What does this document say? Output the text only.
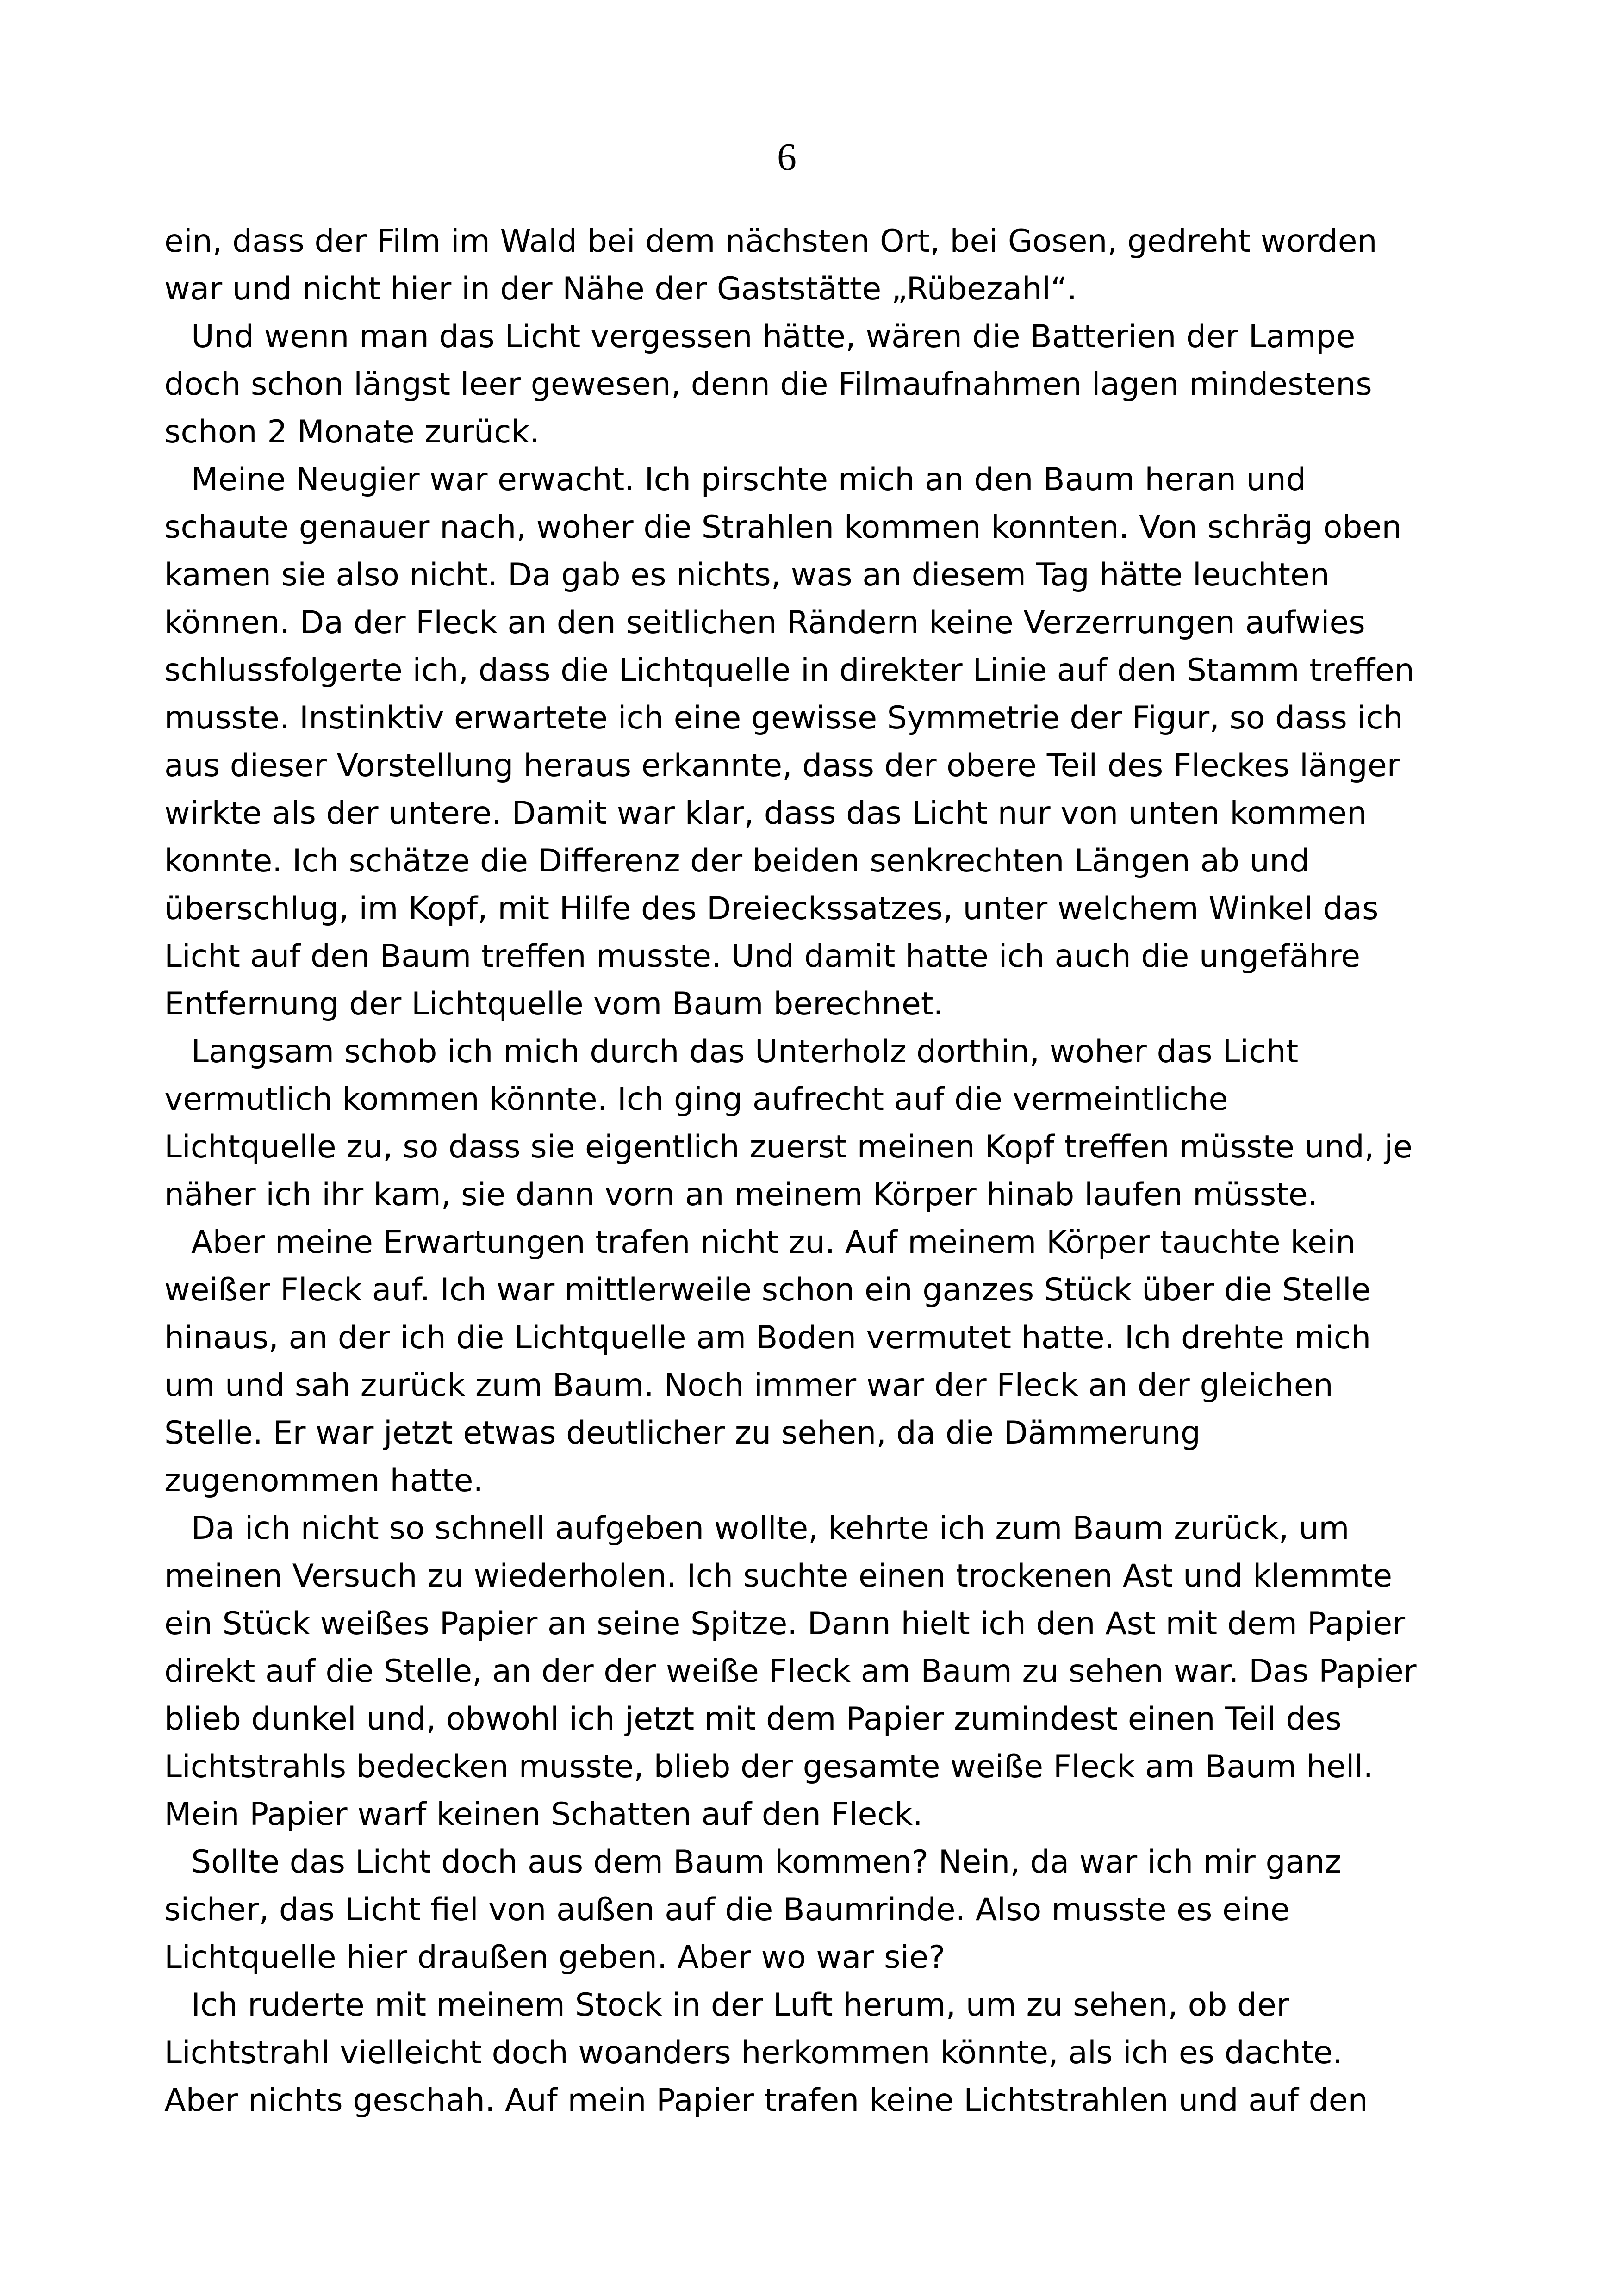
6
ein, dass der Film im Wald bei dem nächsten Ort, bei Gosen, gedreht worden
war und nicht hier in der Nähe der Gaststätte „Rübezahl“.
Und wenn man das Licht vergessen hätte, wären die Batterien der Lampe
doch schon längst leer gewesen, denn die Filmaufnahmen lagen mindestens
schon 2 Monate zurück.
Meine Neugier war erwacht. Ich pirschte mich an den Baum heran und
schaute genauer nach, woher die Strahlen kommen konnten. Von schräg oben
kamen sie also nicht. Da gab es nichts, was an diesem Tag hätte leuchten
können. Da der Fleck an den seitlichen Rändern keine Verzerrungen aufwies
schlussfolgerte ich, dass die Lichtquelle in direkter Linie auf den Stamm treffen
musste. Instinktiv erwartete ich eine gewisse Symmetrie der Figur, so dass ich
aus dieser Vorstellung heraus erkannte, dass der obere Teil des Fleckes länger
wirkte als der untere. Damit war klar, dass das Licht nur von unten kommen
konnte. Ich schätze die Differenz der beiden senkrechten Längen ab und
überschlug, im Kopf, mit Hilfe des Dreieckssatzes, unter welchem Winkel das
Licht auf den Baum treffen musste. Und damit hatte ich auch die ungefähre
Entfernung der Lichtquelle vom Baum berechnet.
Langsam schob ich mich durch das Unterholz dorthin, woher das Licht
vermutlich kommen könnte. Ich ging aufrecht auf die vermeintliche
Lichtquelle zu, so dass sie eigentlich zuerst meinen Kopf treffen müsste und, je
näher ich ihr kam, sie dann vorn an meinem Körper hinab laufen müsste.
Aber meine Erwartungen trafen nicht zu. Auf meinem Körper tauchte kein
weißer Fleck auf. Ich war mittlerweile schon ein ganzes Stück über die Stelle
hinaus, an der ich die Lichtquelle am Boden vermutet hatte. Ich drehte mich
um und sah zurück zum Baum. Noch immer war der Fleck an der gleichen
Stelle. Er war jetzt etwas deutlicher zu sehen, da die Dämmerung
zugenommen hatte.
Da ich nicht so schnell aufgeben wollte, kehrte ich zum Baum zurück, um
meinen Versuch zu wiederholen. Ich suchte einen trockenen Ast und klemmte
ein Stück weißes Papier an seine Spitze. Dann hielt ich den Ast mit dem Papier
direkt auf die Stelle, an der der weiße Fleck am Baum zu sehen war. Das Papier
blieb dunkel und, obwohl ich jetzt mit dem Papier zumindest einen Teil des
Lichtstrahls bedecken musste, blieb der gesamte weiße Fleck am Baum hell.
Mein Papier warf keinen Schatten auf den Fleck.
Sollte das Licht doch aus dem Baum kommen? Nein, da war ich mir ganz
sicher, das Licht fiel von außen auf die Baumrinde. Also musste es eine
Lichtquelle hier draußen geben. Aber wo war sie?
Ich ruderte mit meinem Stock in der Luft herum, um zu sehen, ob der
Lichtstrahl vielleicht doch woanders herkommen könnte, als ich es dachte.
Aber nichts geschah. Auf mein Papier trafen keine Lichtstrahlen und auf den
